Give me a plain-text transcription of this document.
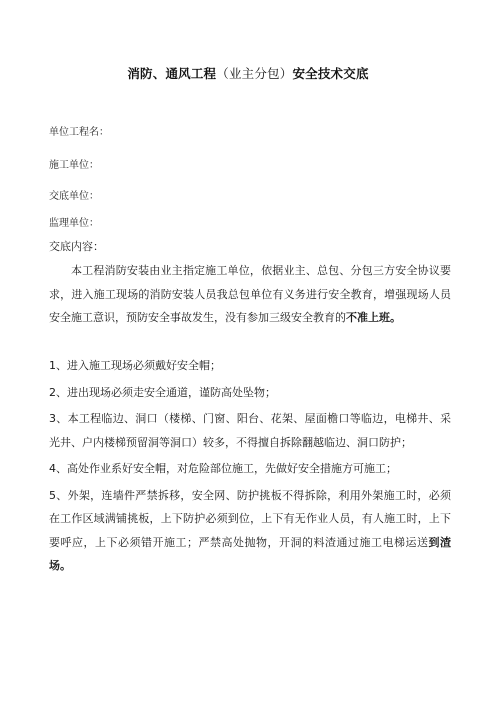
消防、通风工程（业主分包）安全技术交底
单位工程名：
施工单位：
交底单位：
监理单位：
交底内容：
本工程消防安装由业主指定施工单位，依据业主、总包、分包三方安全协议要求，进入施工现场的消防安装人员我总包单位有义务进行安全教育，增强现场人员安全施工意识，预防安全事故发生，没有参加三级安全教育的不准上班。
1、进入施工现场必须戴好安全帽；
2、进出现场必须走安全通道，谨防高处坠物；
3、本工程临边、洞口（楼梯、门窗、阳台、花架、屋面檐口等临边，电梯井、采光井、户内楼梯预留洞等洞口）较多，不得擅自拆除翻越临边、洞口防护；
4、高处作业系好安全帽，对危险部位施工，先做好安全措施方可施工；
5、外架，连墙件严禁拆移，安全网、防护挑板不得拆除，利用外架施工时，必须在工作区域满铺挑板，上下防护必须到位，上下有无作业人员，有人施工时，上下要呼应，上下必须错开施工；严禁高处抛物，开洞的料渣通过施工电梯运送到渣场。
